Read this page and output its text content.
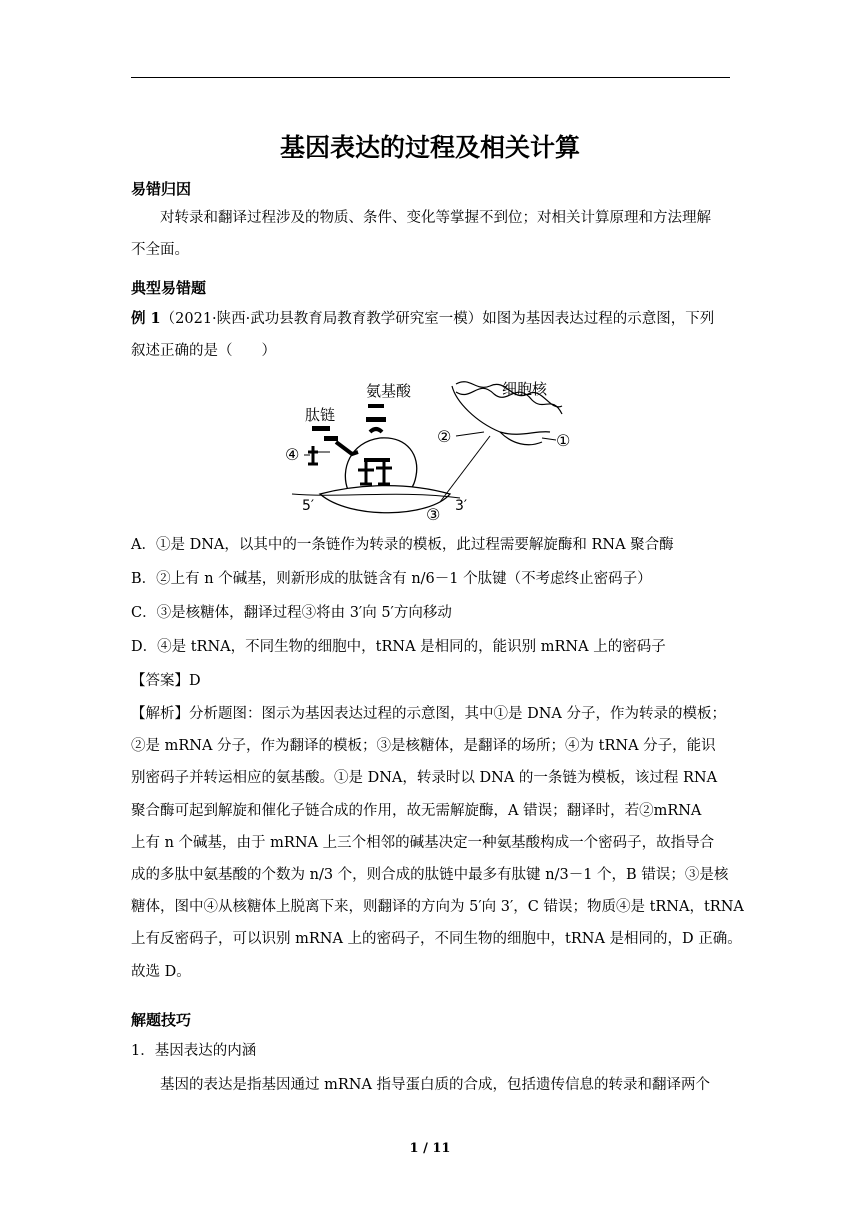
基因表达的过程及相关计算
易错归因
对转录和翻译过程涉及的物质、条件、变化等掌握不到位；对相关计算原理和方法理解
不全面。
典型易错题
例 1（2021·陕西·武功县教育局教育教学研究室一模）如图为基因表达过程的示意图，下列
叙述正确的是（　　）
氨基酸	细胞核
肽链
④
②	①
③
5′	3′
A．①是 DNA，以其中的一条链作为转录的模板，此过程需要解旋酶和 RNA 聚合酶
B．②上有 n 个碱基，则新形成的肽链含有 n/6－1 个肽键（不考虑终止密码子）
C．③是核糖体，翻译过程③将由 3′向 5′方向移动
D．④是 tRNA，不同生物的细胞中，tRNA 是相同的，能识别 mRNA 上的密码子
【答案】D
【解析】分析题图：图示为基因表达过程的示意图，其中①是 DNA 分子，作为转录的模板；
②是 mRNA 分子，作为翻译的模板；③是核糖体，是翻译的场所；④为 tRNA 分子，能识
别密码子并转运相应的氨基酸。①是 DNA，转录时以 DNA 的一条链为模板，该过程 RNA
聚合酶可起到解旋和催化子链合成的作用，故无需解旋酶，A 错误；翻译时，若②mRNA
上有 n 个碱基，由于 mRNA 上三个相邻的碱基决定一种氨基酸构成一个密码子，故指导合
成的多肽中氨基酸的个数为 n/3 个，则合成的肽链中最多有肽键 n/3－1 个，B 错误；③是核
糖体，图中④从核糖体上脱离下来，则翻译的方向为 5′向 3′，C 错误；物质④是 tRNA，tRNA
上有反密码子，可以识别 mRNA 上的密码子，不同生物的细胞中，tRNA 是相同的，D 正确。
故选 D。
解题技巧
1．基因表达的内涵
基因的表达是指基因通过 mRNA 指导蛋白质的合成，包括遗传信息的转录和翻译两个
1 / 11
